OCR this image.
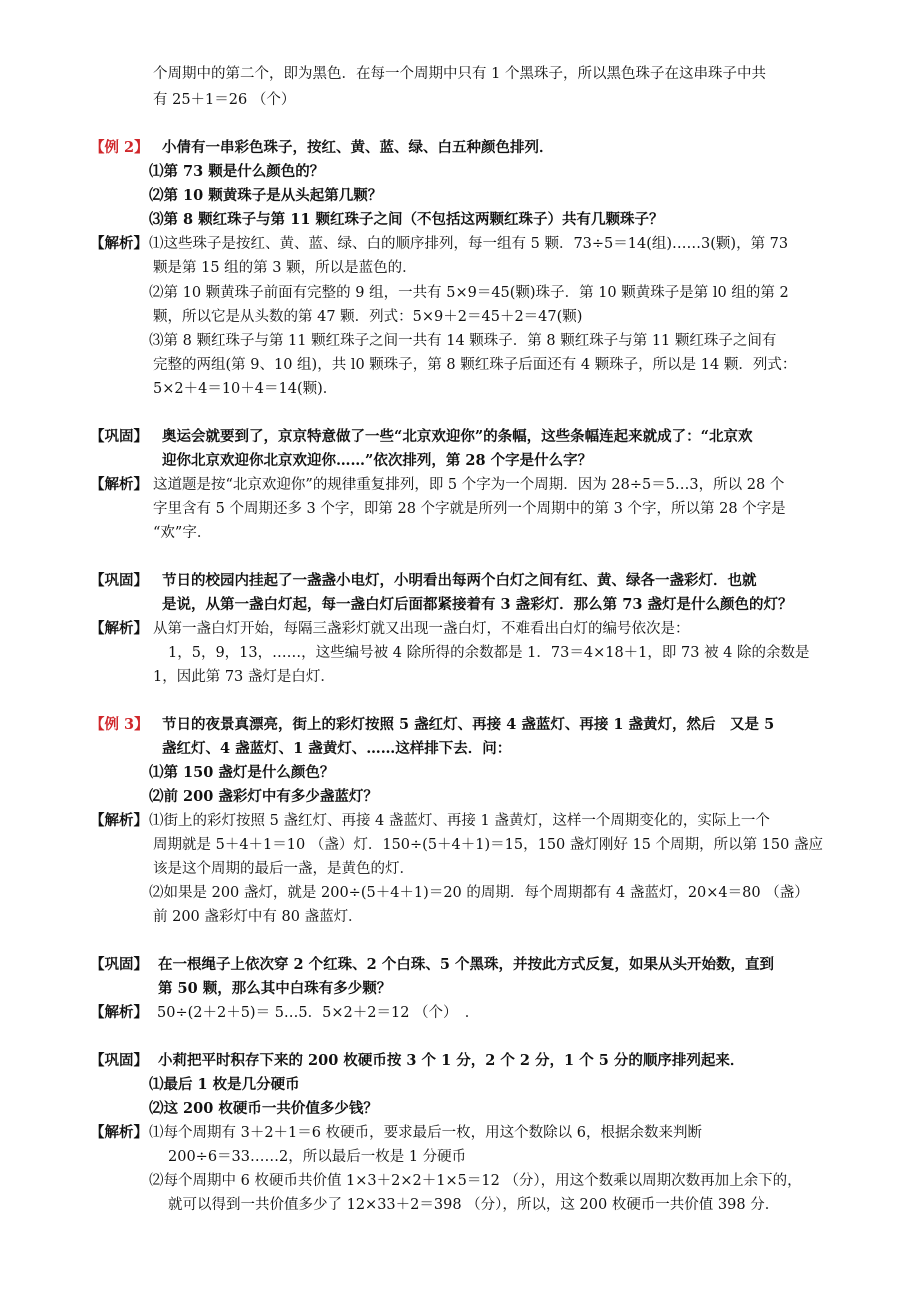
个周期中的第二个，即为黑色．在每一个周期中只有 1 个黑珠子，所以黑色珠子在这串珠子中共
有 25＋1＝26 （个）
【例 2】 小倩有一串彩色珠子，按红、黄、蓝、绿、白五种颜色排列．
⑴第 73 颗是什么颜色的？
⑵第 10 颗黄珠子是从头起第几颗？
⑶第 8 颗红珠子与第 11 颗红珠子之间（不包括这两颗红珠子）共有几颗珠子？
【解析】 ⑴这些珠子是按红、黄、蓝、绿、白的顺序排列，每一组有 5 颗．73÷5＝14(组)……3(颗)，第 73
颗是第 15 组的第 3 颗，所以是蓝色的．
⑵第 10 颗黄珠子前面有完整的 9 组，一共有 5×9＝45(颗)珠子．第 10 颗黄珠子是第 l0 组的第 2
颗，所以它是从头数的第 47 颗．列式：5×9＋2＝45＋2＝47(颗)
⑶第 8 颗红珠子与第 11 颗红珠子之间一共有 14 颗珠子．第 8 颗红珠子与第 11 颗红珠子之间有
完整的两组(第 9、10 组)，共 l0 颗珠子，第 8 颗红珠子后面还有 4 颗珠子，所以是 14 颗．列式：
5×2＋4＝10＋4＝14(颗)．
【巩固】 奥运会就要到了，京京特意做了一些“北京欢迎你”的条幅，这些条幅连起来就成了：“北京欢
迎你北京欢迎你北京欢迎你……”依次排列，第 28 个字是什么字？
【解析】 这道题是按“北京欢迎你”的规律重复排列，即 5 个字为一个周期．因为 28÷5＝5…3，所以 28 个
字里含有 5 个周期还多 3 个字，即第 28 个字就是所列一个周期中的第 3 个字，所以第 28 个字是
“欢”字．
【巩固】 节日的校园内挂起了一盏盏小电灯，小明看出每两个白灯之间有红、黄、绿各一盏彩灯．也就
是说，从第一盏白灯起，每一盏白灯后面都紧接着有 3 盏彩灯．那么第 73 盏灯是什么颜色的灯？
【解析】 从第一盏白灯开始，每隔三盏彩灯就又出现一盏白灯，不难看出白灯的编号依次是：
1，5，9，13，……，这些编号被 4 除所得的余数都是 1．73＝4×18＋1，即 73 被 4 除的余数是
1，因此第 73 盏灯是白灯．
【例 3】 节日的夜景真漂亮，街上的彩灯按照 5 盏红灯、再接 4 盏蓝灯、再接 1 盏黄灯，然后　又是 5
盏红灯、4 盏蓝灯、1 盏黄灯、……这样排下去．问：
⑴第 150 盏灯是什么颜色？
⑵前 200 盏彩灯中有多少盏蓝灯？
【解析】 ⑴街上的彩灯按照 5 盏红灯、再接 4 盏蓝灯、再接 1 盏黄灯，这样一个周期变化的，实际上一个
周期就是 5＋4＋1＝10 （盏）灯．150÷(5＋4＋1)＝15，150 盏灯刚好 15 个周期，所以第 150 盏应
该是这个周期的最后一盏，是黄色的灯．
⑵如果是 200 盏灯，就是 200÷(5＋4＋1)＝20 的周期．每个周期都有 4 盏蓝灯，20×4＝80 （盏）
前 200 盏彩灯中有 80 盏蓝灯．
【巩固】 在一根绳子上依次穿 2 个红珠、2 个白珠、5 个黑珠，并按此方式反复，如果从头开始数，直到
第 50 颗，那么其中白珠有多少颗？
【解析】 50÷(2＋2＋5)＝ 5…5．5×2＋2＝12 （个）　．
【巩固】 小莉把平时积存下来的 200 枚硬币按 3 个 1 分，2 个 2 分，1 个 5 分的顺序排列起来．
⑴最后 1 枚是几分硬币
⑵这 200 枚硬币一共价值多少钱？
【解析】 ⑴每个周期有 3＋2＋1＝6 枚硬币，要求最后一枚，用这个数除以 6，根据余数来判断
200÷6＝33……2，所以最后一枚是 1 分硬币
⑵每个周期中 6 枚硬币共价值 1×3＋2×2＋1×5＝12 （分），用这个数乘以周期次数再加上余下的，
就可以得到一共价值多少了 12×33＋2＝398 （分），所以，这 200 枚硬币一共价值 398 分．
